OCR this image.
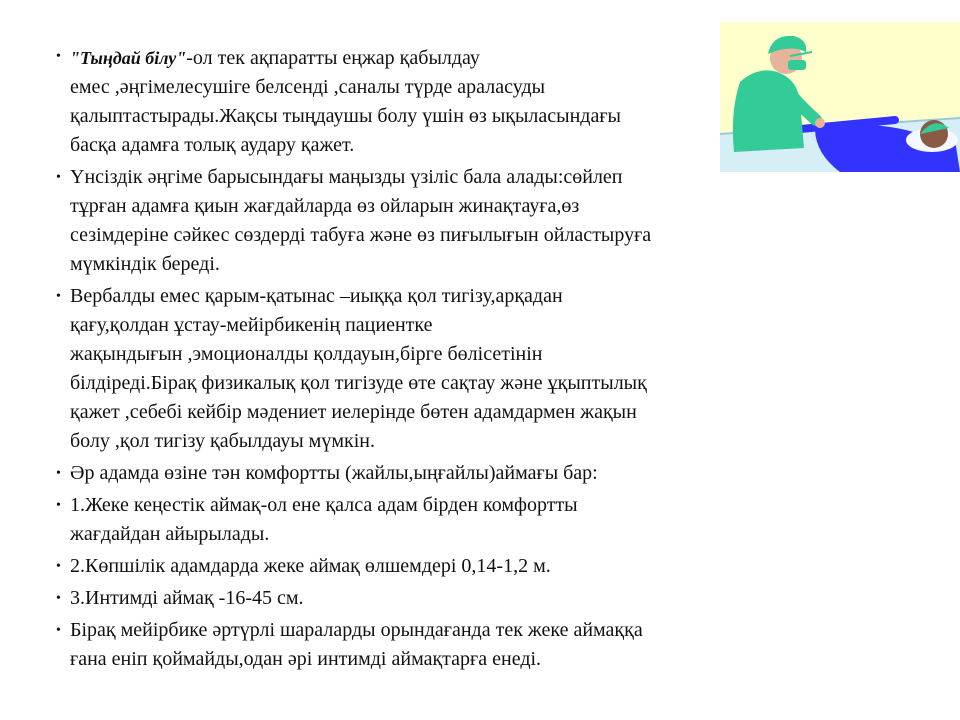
• "Тыңдай білу"-ол тек ақпаратты еңжар қабылдау
емес ,әңгімелесушіге белсенді ,саналы түрде араласуды
қалыптастырады.Жақсы тыңдаушы болу үшін өз ықыласындағы
басқа адамға толық аудару қажет.
• Үнсіздік әңгіме барысындағы маңызды үзіліс бала алады:сөйлеп
тұрған адамға қиын жағдайларда өз ойларын жинақтауға,өз
сезімдеріне сәйкес сөздерді табуға және өз пиғылығын ойластыруға
мүмкіндік береді.
• Вербалды емес қарым-қатынас –иыққа қол тигізу,арқадан
қағу,қолдан ұстау-мейірбикенің пациентке
жақындығын ,эмоционалды қолдауын,бірге бөлісетінін
білдіреді.Бірақ физикалық қол тигізуде өте сақтау және ұқыптылық
қажет ,себебі кейбір мәдениет иелерінде бөтен адамдармен жақын
болу ,қол тигізу қабылдауы мүмкін.
• Әр адамда өзіне тән комфортты (жайлы,ыңғайлы)аймағы бар:
• 1.Жеке кеңестік аймақ-ол ене қалса адам бірден комфортты
жағдайдан айырылады.
• 2.Көпшілік адамдарда жеке аймақ өлшемдері 0,14-1,2 м.
• 3.Интимді аймақ -16-45 см.
• Бірақ мейірбике әртүрлі шараларды орындағанда тек жеке аймаққа
ғана еніп қоймайды,одан әрі интимді аймақтарға енеді.
